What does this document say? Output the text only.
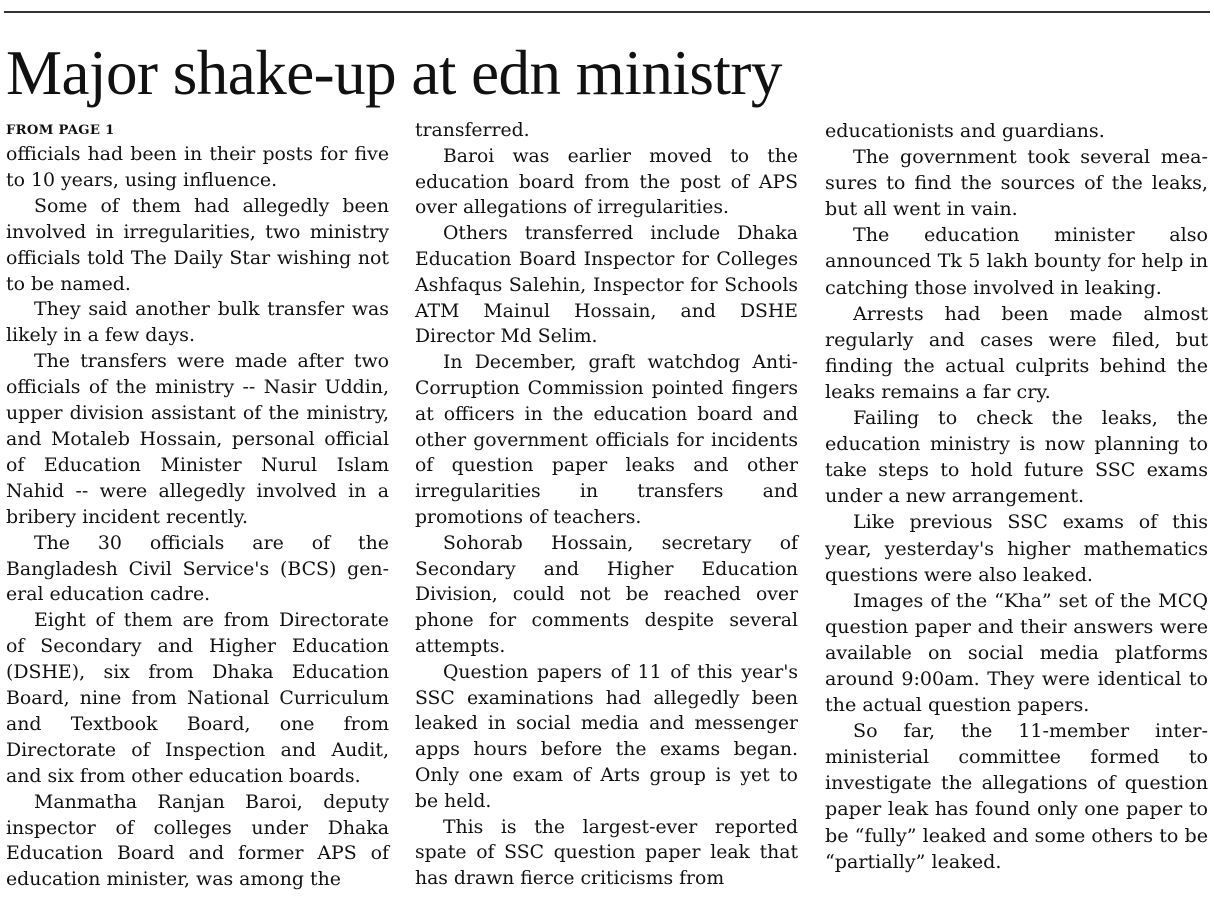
Major shake-up at edn ministry
FROM PAGE 1

officials had been in their posts for five to 10 years, using influence.

Some of them had allegedly been involved in irregularities, two ministry officials told The Daily Star wishing not to be named.

They said another bulk transfer was likely in a few days.

The transfers were made after two officials of the ministry -- Nasir Uddin, upper division assistant of the ministry, and Motaleb Hossain, personal official of Education Minister Nurul Islam Nahid -- were allegedly involved in a bribery incident recently.

The 30 officials are of the Bangladesh Civil Service's (BCS) general education cadre.

Eight of them are from Directorate of Secondary and Higher Education (DSHE), six from Dhaka Education Board, nine from National Curriculum and Textbook Board, one from Directorate of Inspection and Audit, and six from other education boards.

Manmatha Ranjan Baroi, deputy inspector of colleges under Dhaka Education Board and former APS of education minister, was among the

transferred.

Baroi was earlier moved to the education board from the post of APS over allegations of irregularities.

Others transferred include Dhaka Education Board Inspector for Colleges Ashfaqus Salehin, Inspector for Schools ATM Mainul Hossain, and DSHE Director Md Selim.

In December, graft watchdog Anti-Corruption Commission pointed fingers at officers in the education board and other government officials for incidents of question paper leaks and other irregularities in transfers and promotions of teachers.

Sohorab Hossain, secretary of Secondary and Higher Education Division, could not be reached over phone for comments despite several attempts.

Question papers of 11 of this year's SSC examinations had allegedly been leaked in social media and messenger apps hours before the exams began. Only one exam of Arts group is yet to be held.

This is the largest-ever reported spate of SSC question paper leak that has drawn fierce criticisms from

educationists and guardians.

The government took several measures to find the sources of the leaks, but all went in vain.

The education minister also announced Tk 5 lakh bounty for help in catching those involved in leaking.

Arrests had been made almost regularly and cases were filed, but finding the actual culprits behind the leaks remains a far cry.

Failing to check the leaks, the education ministry is now planning to take steps to hold future SSC exams under a new arrangement.

Like previous SSC exams of this year, yesterday's higher mathematics questions were also leaked.

Images of the “Kha” set of the MCQ question paper and their answers were available on social media platforms around 9:00am. They were identical to the actual question papers.

So far, the 11-member inter-ministerial committee formed to investigate the allegations of question paper leak has found only one paper to be “fully” leaked and some others to be “partially” leaked.
